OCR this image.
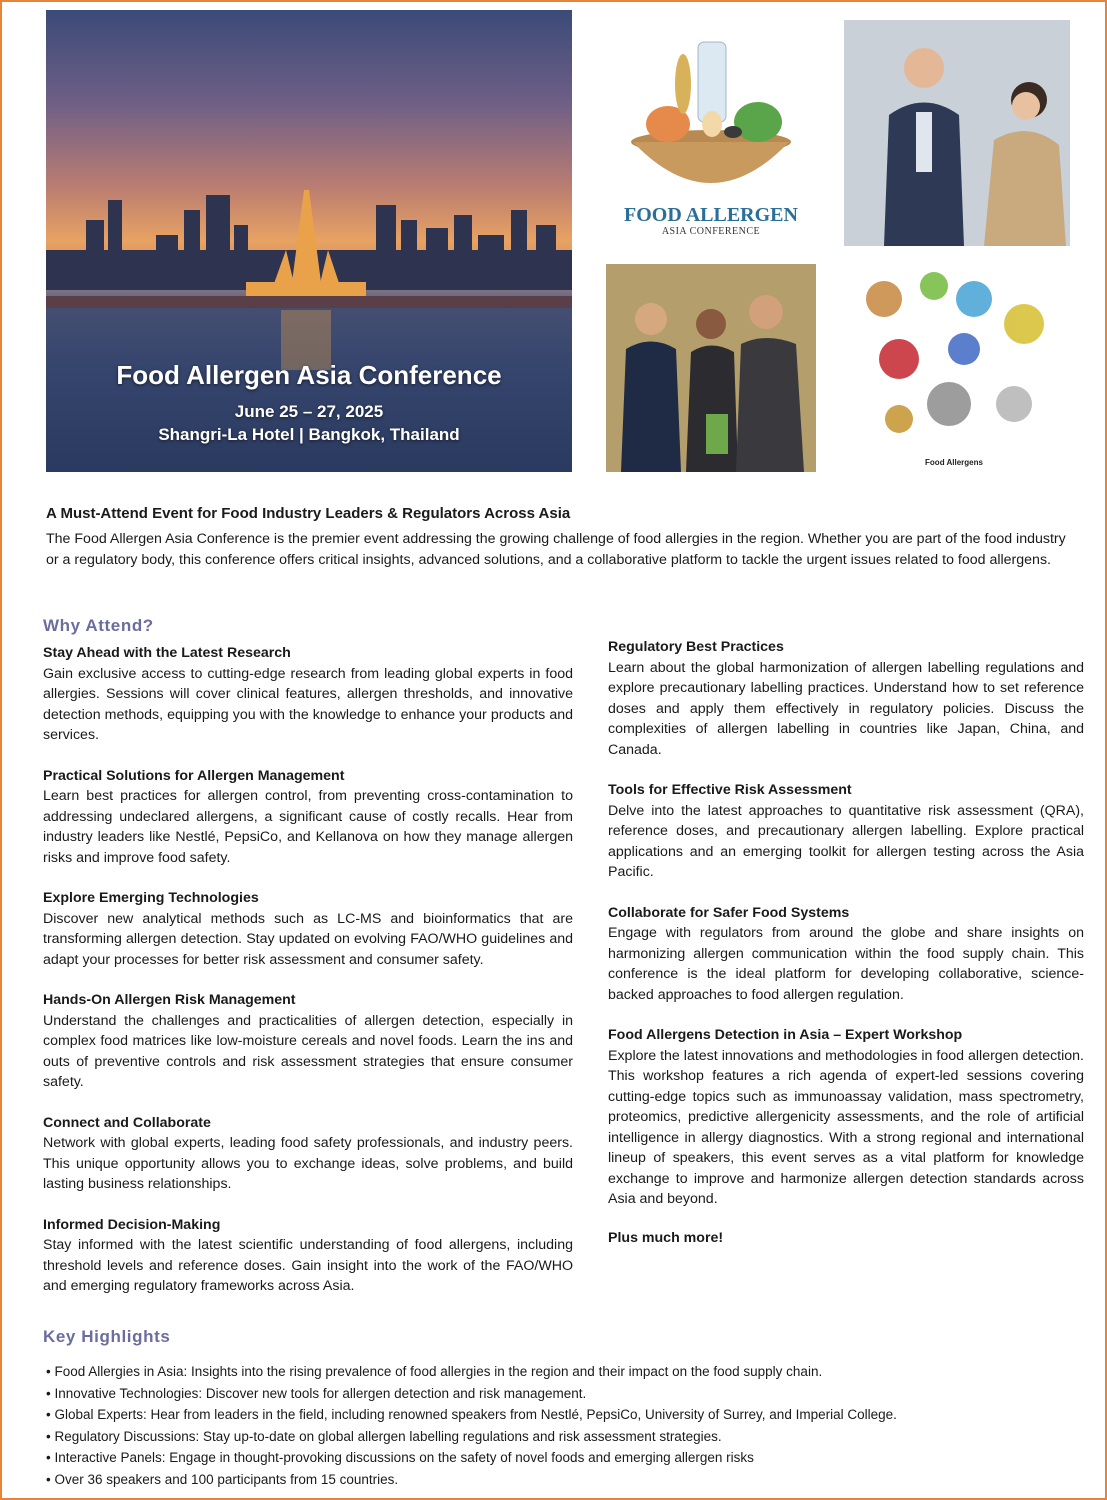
Food Allergen Asia Conference
June 25 – 27, 2025
Shangri-La Hotel | Bangkok, Thailand
FOOD ALLERGEN
ASIA CONFERENCE
Food Allergens
A Must-Attend Event for Food Industry Leaders & Regulators Across Asia
The Food Allergen Asia Conference is the premier event addressing the growing challenge of food allergies in the region. Whether you are part of the food industry or a regulatory body, this conference offers critical insights, advanced solutions, and a collaborative platform to tackle the urgent issues related to food allergens.
Why Attend?
Stay Ahead with the Latest Research

Gain exclusive access to cutting-edge research from leading global experts in food allergies. Sessions will cover clinical features, allergen thresholds, and innovative detection methods, equipping you with the knowledge to enhance your products and services.

Practical Solutions for Allergen Management

Learn best practices for allergen control, from preventing cross-contamination to addressing undeclared allergens, a significant cause of costly recalls. Hear from industry leaders like Nestlé, PepsiCo, and Kellanova on how they manage allergen risks and improve food safety.

Explore Emerging Technologies

Discover new analytical methods such as LC-MS and bioinformatics that are transforming allergen detection. Stay updated on evolving FAO/WHO guidelines and adapt your processes for better risk assessment and consumer safety.

Hands-On Allergen Risk Management

Understand the challenges and practicalities of allergen detection, especially in complex food matrices like low-moisture cereals and novel foods. Learn the ins and outs of preventive controls and risk assessment strategies that ensure consumer safety.

Connect and Collaborate

Network with global experts, leading food safety professionals, and industry peers. This unique opportunity allows you to exchange ideas, solve problems, and build lasting business relationships.

Informed Decision-Making

Stay informed with the latest scientific understanding of food allergens, including threshold levels and reference doses. Gain insight into the work of the FAO/WHO and emerging regulatory frameworks across Asia.

Regulatory Best Practices

Learn about the global harmonization of allergen labelling regulations and explore precautionary labelling practices. Understand how to set reference doses and apply them effectively in regulatory policies. Discuss the complexities of allergen labelling in countries like Japan, China, and Canada.

Tools for Effective Risk Assessment

Delve into the latest approaches to quantitative risk assessment (QRA), reference doses, and precautionary allergen labelling. Explore practical applications and an emerging toolkit for allergen testing across the Asia Pacific.

Collaborate for Safer Food Systems

Engage with regulators from around the globe and share insights on harmonizing allergen communication within the food supply chain. This conference is the ideal platform for developing collaborative, science-backed approaches to food allergen regulation.

Food Allergens Detection in Asia – Expert Workshop

Explore the latest innovations and methodologies in food allergen detection. This workshop features a rich agenda of expert-led sessions covering cutting-edge topics such as immunoassay validation, mass spectrometry, proteomics, predictive allergenicity assessments, and the role of artificial intelligence in allergy diagnostics. With a strong regional and international lineup of speakers, this event serves as a vital platform for knowledge exchange to improve and harmonize allergen detection standards across Asia and beyond.

Plus much more!
Key Highlights
• Food Allergies in Asia: Insights into the rising prevalence of food allergies in the region and their impact on the food supply chain.
• Innovative Technologies: Discover new tools for allergen detection and risk management.
• Global Experts: Hear from leaders in the field, including renowned speakers from Nestlé, PepsiCo, University of Surrey, and Imperial College.
• Regulatory Discussions: Stay up-to-date on global allergen labelling regulations and risk assessment strategies.
• Interactive Panels: Engage in thought-provoking discussions on the safety of novel foods and emerging allergen risks
• Over 36 speakers and 100 participants from 15 countries.
